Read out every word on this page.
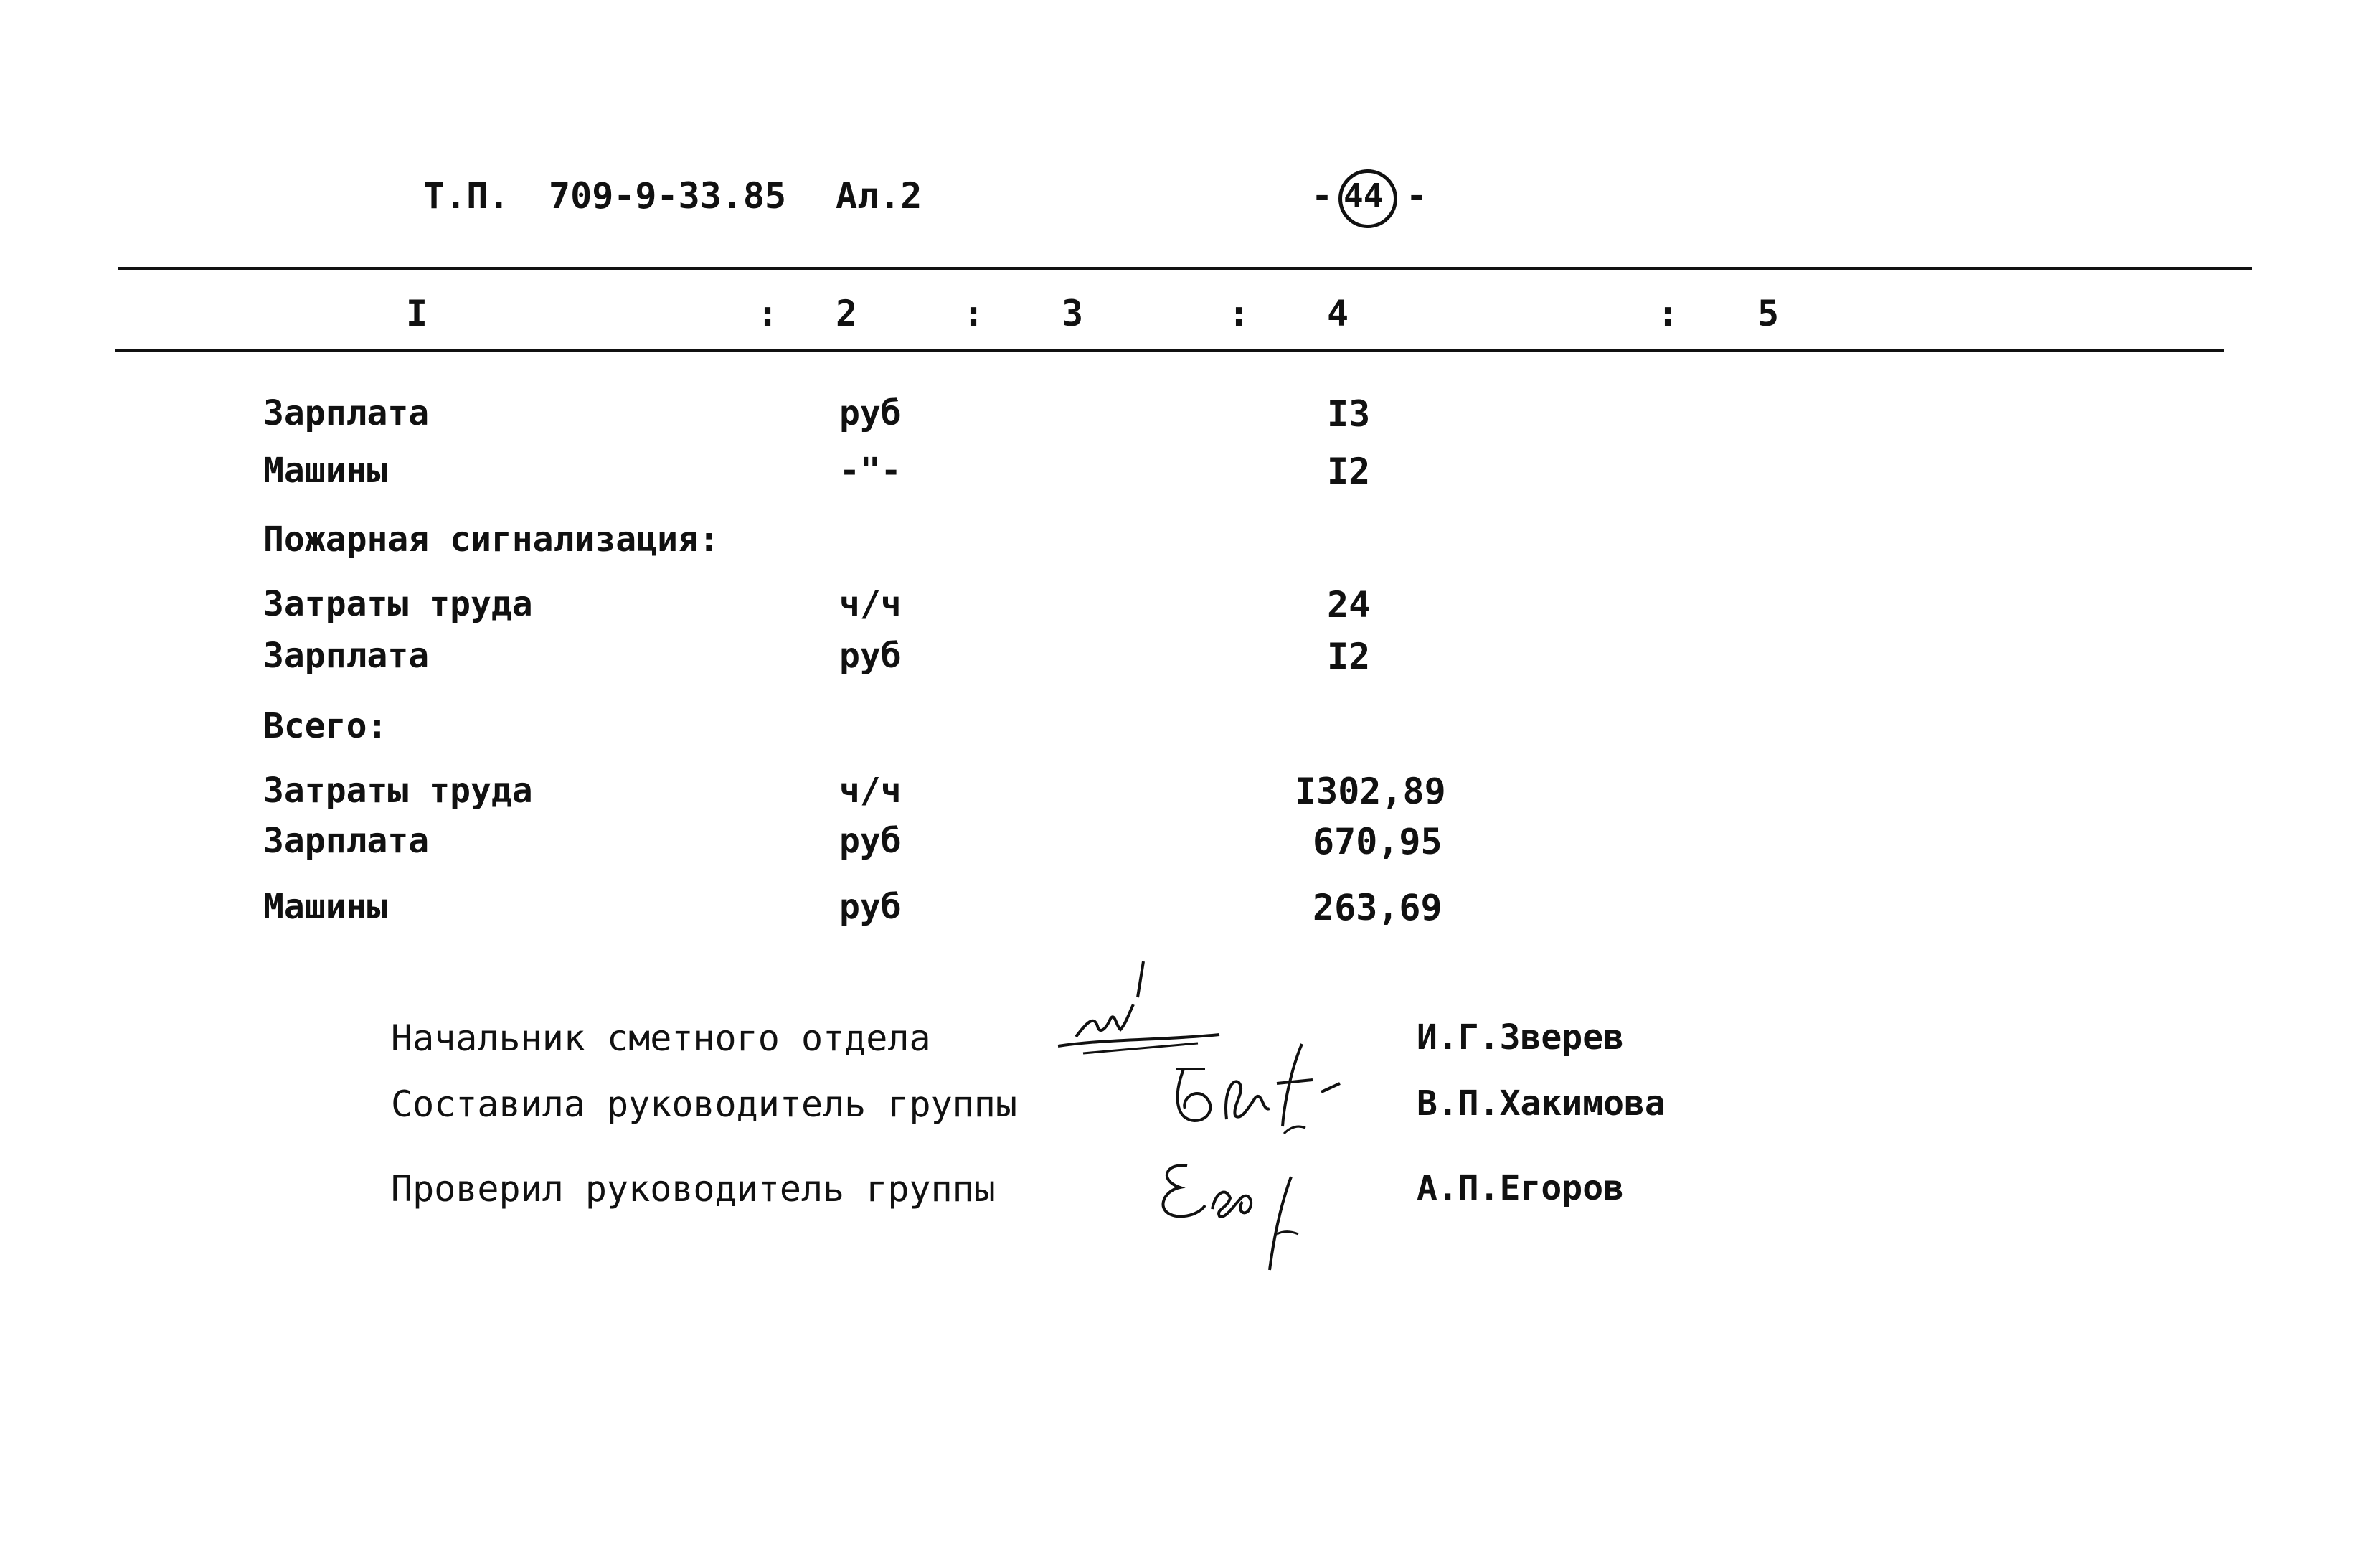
Т.П. 709-9-33.85 Ал.2	- 44 -
I	: 2	: 3	: 4	: 5
Зарплата	руб	I3
Машины	-"-	I2
Пожарная сигнализация:
Затраты труда	ч/ч	24
Зарплата	руб	I2
Всего:
Затраты труда	ч/ч	I302,89
Зарплата	руб	670,95
Машины	руб	263,69
Начальник сметного отдела	И.Г.Зверев
Составила руководитель группы	В.П.Хакимова
Проверил руководитель группы	А.П.Егоров
